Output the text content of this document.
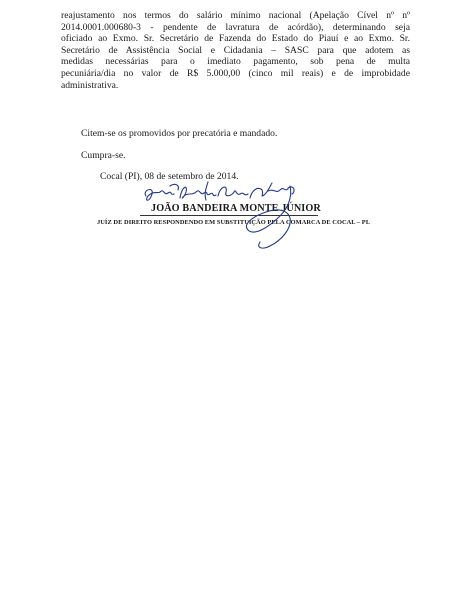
reajustamento nos termos do salário mínimo nacional (Apelação Cível nº nº
2014.0001.000680-3 - pendente de lavratura de acórdão), determinando seja
oficiado ao Exmo. Sr. Secretário de Fazenda do Estado do Piauí e ao Exmo. Sr.
Secretário de Assistência Social e Cidadania – SASC para que adotem as
medidas necessárias para o imediato pagamento, sob pena de multa
pecuniária/dia no valor de R$ 5.000,00 (cinco mil reais) e de improbidade
administrativa.
Citem-se os promovidos por precatória e mandado.
Cumpra-se.
Cocal (PI), 08 de setembro de 2014.
JOÃO BANDEIRA MONTE JÚNIOR
JUÍZ DE DIREITO RESPONDENDO EM SUBSTITUIÇÃO PELA COMARCA DE COCAL – PI.
